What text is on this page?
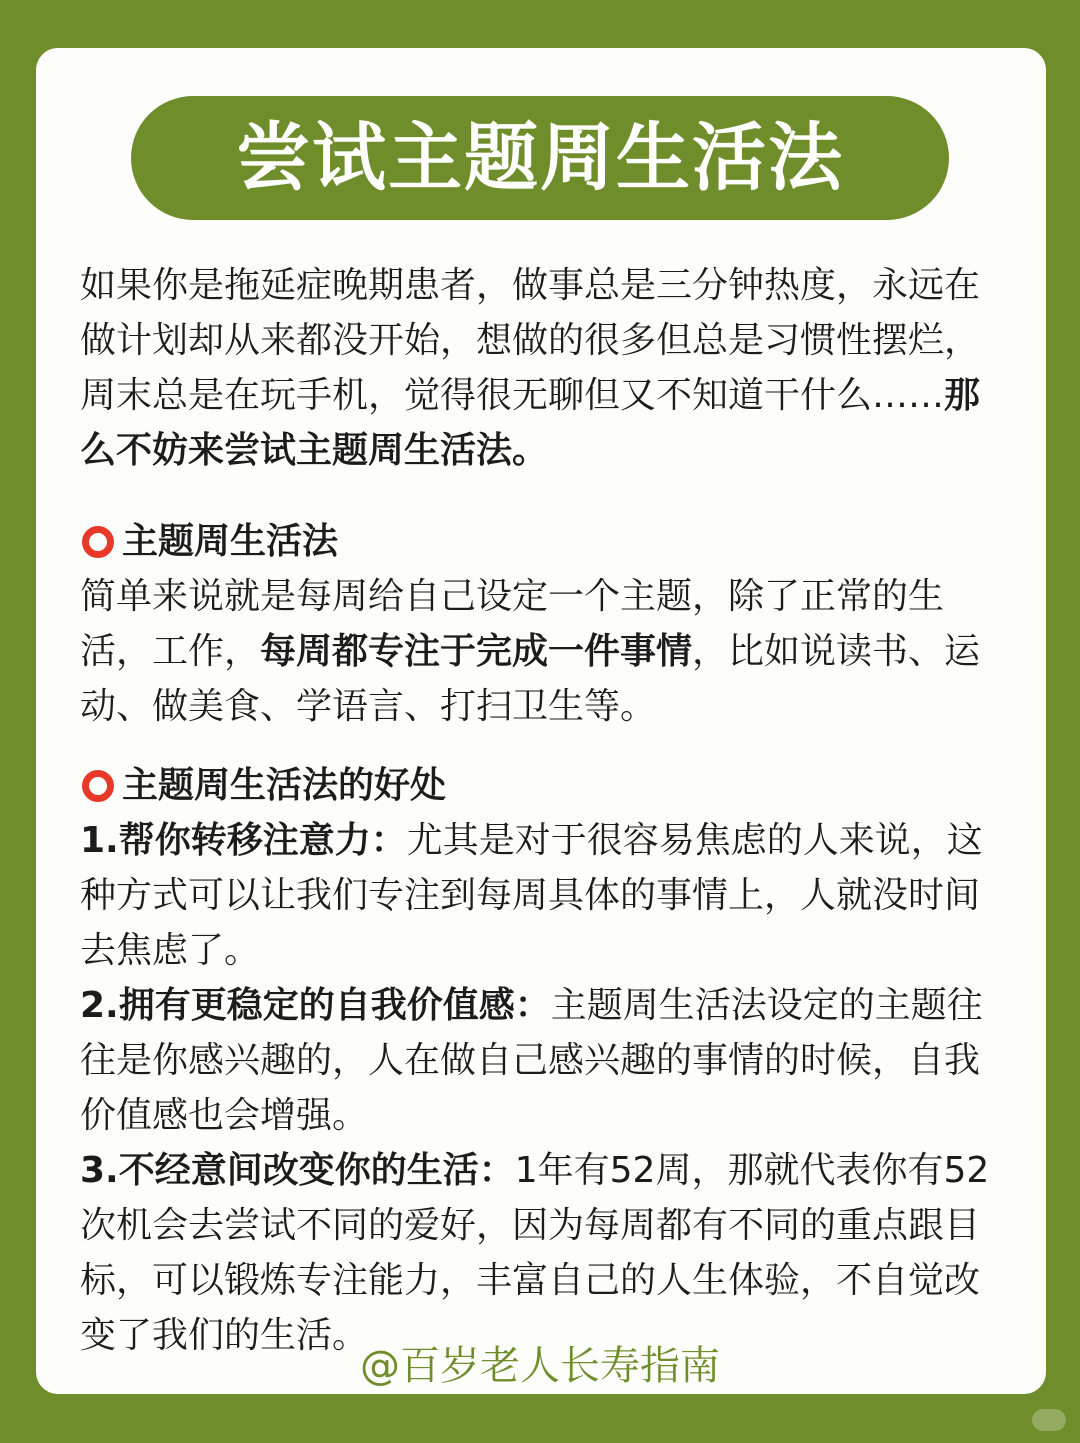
尝试主题周生活法

如果你是拖延症晚期患者，做事总是三分钟热度，永远在做计划却从来都没开始，想做的很多但总是习惯性摆烂，周末总是在玩手机，觉得很无聊但又不知道干什么……那么不妨来尝试主题周生活法。

主题周生活法

简单来说就是每周给自己设定一个主题，除了正常的生活，工作，每周都专注于完成一件事情，比如说读书、运动、做美食、学语言、打扫卫生等。

主题周生活法的好处

1.帮你转移注意力：尤其是对于很容易焦虑的人来说，这种方式可以让我们专注到每周具体的事情上，人就没时间去焦虑了。

2.拥有更稳定的自我价值感：主题周生活法设定的主题往往是你感兴趣的，人在做自己感兴趣的事情的时候，自我价值感也会增强。

3.不经意间改变你的生活：1年有52周，那就代表你有52次机会去尝试不同的爱好，因为每周都有不同的重点跟目标，可以锻炼专注能力，丰富自己的人生体验，不自觉改变了我们的生活。

@百岁老人长寿指南
